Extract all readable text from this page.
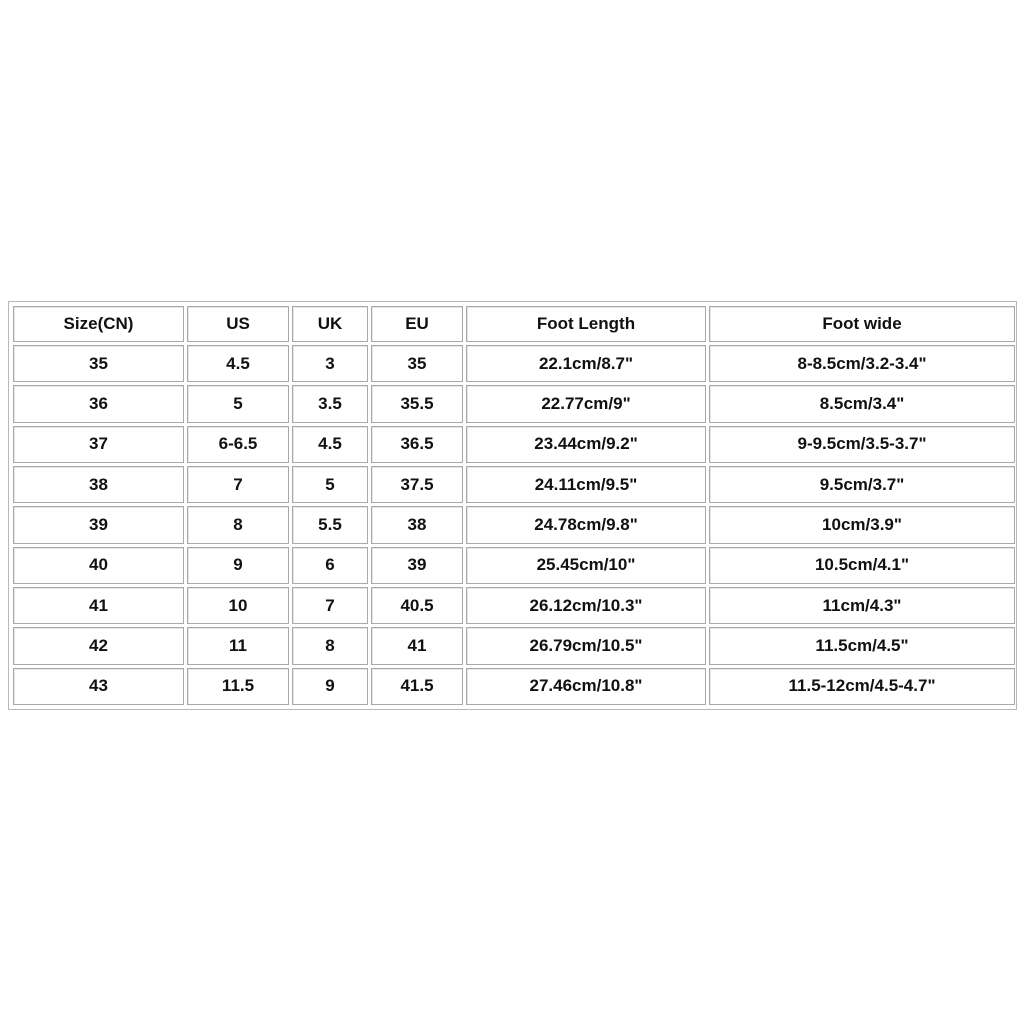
Size(CN)	US	UK	EU	Foot Length	Foot wide
35	4.5	3	35	22.1cm/8.7"	8-8.5cm/3.2-3.4"
36	5	3.5	35.5	22.77cm/9"	8.5cm/3.4"
37	6-6.5	4.5	36.5	23.44cm/9.2"	9-9.5cm/3.5-3.7"
38	7	5	37.5	24.11cm/9.5"	9.5cm/3.7"
39	8	5.5	38	24.78cm/9.8"	10cm/3.9"
40	9	6	39	25.45cm/10"	10.5cm/4.1"
41	10	7	40.5	26.12cm/10.3"	11cm/4.3"
42	11	8	41	26.79cm/10.5"	11.5cm/4.5"
43	11.5	9	41.5	27.46cm/10.8"	11.5-12cm/4.5-4.7"
